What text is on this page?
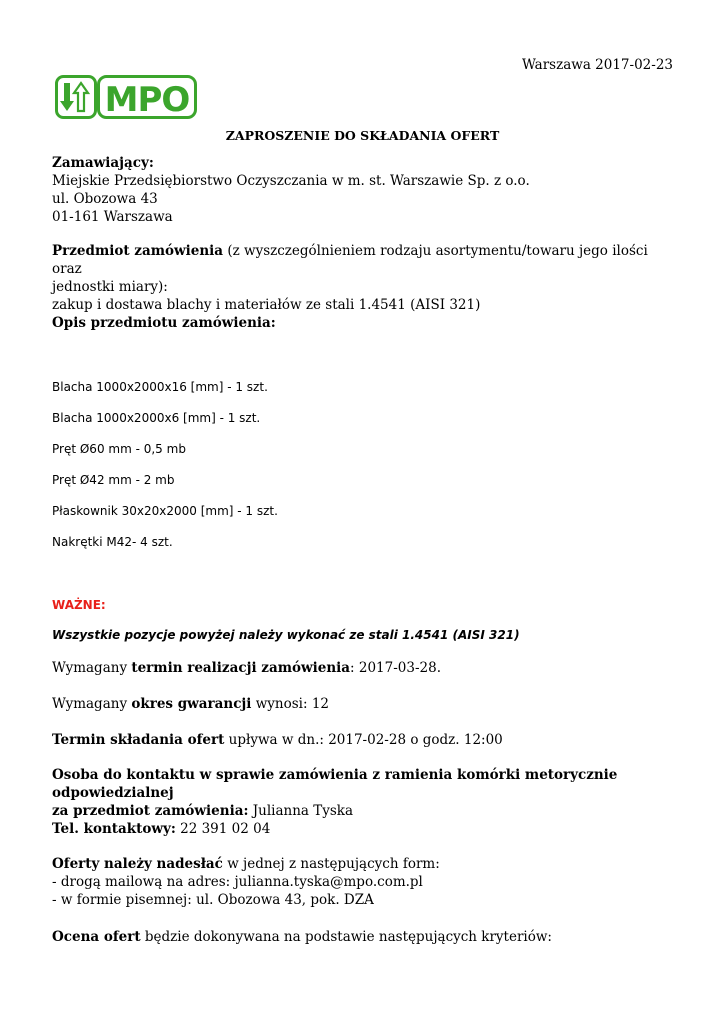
Warszawa 2017-02-23
MPO
ZAPROSZENIE DO SKŁADANIA OFERT
Zamawiający:
Miejskie Przedsiębiorstwo Oczyszczania w m. st. Warszawie Sp. z o.o.
ul. Obozowa 43
01-161 Warszawa
Przedmiot zamówienia (z wyszczególnieniem rodzaju asortymentu/towaru jego ilości oraz
jednostki miary):
zakup i dostawa blachy i materiałów ze stali 1.4541 (AISI 321)
Opis przedmiotu zamówienia:
Blacha 1000x2000x16 [mm] - 1 szt.
Blacha 1000x2000x6 [mm] - 1 szt.
Pręt Ø60 mm - 0,5 mb
Pręt Ø42 mm - 2 mb
Płaskownik 30x20x2000 [mm] - 1 szt.
Nakrętki M42- 4 szt.
WAŻNE:
Wszystkie pozycje powyżej należy wykonać ze stali 1.4541 (AISI 321)
Wymagany termin realizacji zamówienia: 2017-03-28.
Wymagany okres gwarancji wynosi: 12
Termin składania ofert upływa w dn.: 2017-02-28 o godz. 12:00
Osoba do kontaktu w sprawie zamówienia z ramienia komórki metorycznie odpowiedzialnej
za przedmiot zamówienia: Julianna Tyska
Tel. kontaktowy: 22 391 02 04
Oferty należy nadesłać w jednej z następujących form:
- drogą mailową na adres: julianna.tyska@mpo.com.pl
- w formie pisemnej: ul. Obozowa 43, pok. DZA
Ocena ofert będzie dokonywana na podstawie następujących kryteriów:
